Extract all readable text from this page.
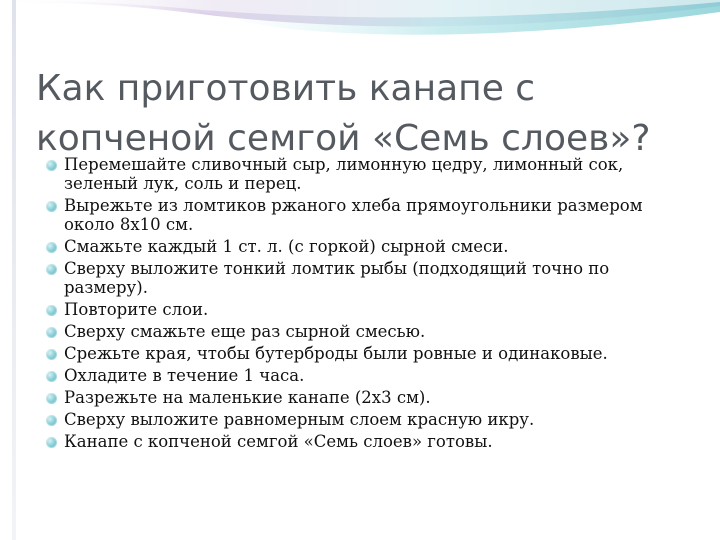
Как приготовить канапе с
копченой семгой «Семь слоев»?
Перемешайте сливочный сыр, лимонную цедру, лимонный сок, зеленый лук, соль и перец.
Вырежьте из ломтиков ржаного хлеба прямоугольники размером около 8х10 см.
Смажьте каждый 1 ст. л. (с горкой) сырной смеси.
Сверху выложите тонкий ломтик рыбы (подходящий точно по размеру).
Повторите слои.
Сверху смажьте еще раз сырной смесью.
Срежьте края, чтобы бутерброды были ровные и одинаковые.
Охладите в течение 1 часа.
Разрежьте на маленькие канапе (2х3 см).
Сверху выложите равномерным слоем красную икру.
Канапе с копченой семгой «Семь слоев» готовы.
